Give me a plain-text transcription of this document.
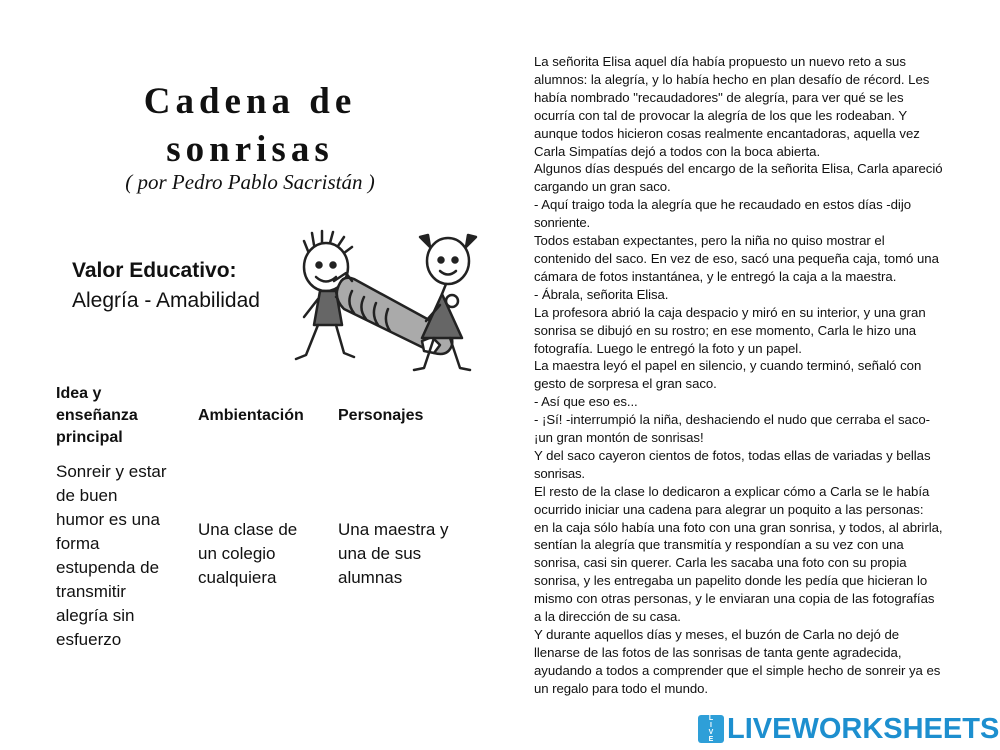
Cadena de
sonrisas
( por Pedro Pablo Sacristán )
Valor Educativo:
Alegría - Amabilidad
Idea y
enseñanza
principal
Ambientación Personajes
Sonreir y estar
de buen
humor es una
forma
estupenda de
transmitir
alegría sin
esfuerzo
Una clase de
un colegio
cualquiera
Una maestra y
una de sus
alumnas

La señorita Elisa aquel día había propuesto un nuevo reto a sus

alumnos: la alegría, y lo había hecho en plan desafío de récord. Les

había nombrado "recaudadores" de alegría, para ver qué se les

ocurría con tal de provocar la alegría de los que les rodeaban. Y

aunque todos hicieron cosas realmente encantadoras, aquella vez

Carla Simpatías dejó a todos con la boca abierta.

Algunos días después del encargo de la señorita Elisa, Carla apareció

cargando un gran saco.

- Aquí traigo toda la alegría que he recaudado en estos días -dijo

sonriente.

Todos estaban expectantes, pero la niña no quiso mostrar el

contenido del saco. En vez de eso, sacó una pequeña caja, tomó una

cámara de fotos instantánea, y le entregó la caja a la maestra.

- Ábrala, señorita Elisa.

La profesora abrió la caja despacio y miró en su interior, y una gran

sonrisa se dibujó en su rostro; en ese momento, Carla le hizo una

fotografía. Luego le entregó la foto y un papel.

La maestra leyó el papel en silencio, y cuando terminó, señaló con

gesto de sorpresa el gran saco.

- Así que eso es...

- ¡Sí! -interrumpió la niña, deshaciendo el nudo que cerraba el saco-

¡un gran montón de sonrisas!

Y del saco cayeron cientos de fotos, todas ellas de variadas y bellas

sonrisas.

El resto de la clase lo dedicaron a explicar cómo a Carla se le había

ocurrido iniciar una cadena para alegrar un poquito a las personas:

en la caja sólo había una foto con una gran sonrisa, y todos, al abrirla,

sentían la alegría que transmitía y respondían a su vez con una

sonrisa, casi sin querer. Carla les sacaba una foto con su propia

sonrisa, y les entregaba un papelito donde les pedía que hicieran lo

mismo con otras personas, y le enviaran una copia de las fotografías

a la dirección de su casa.

Y durante aquellos días y meses, el buzón de Carla no dejó de

llenarse de las fotos de las sonrisas de tanta gente agradecida,

ayudando a todos a comprender que el simple hecho de sonreir ya es

un regalo para todo el mundo.

L
I
V
E LIVEWORKSHEETS
